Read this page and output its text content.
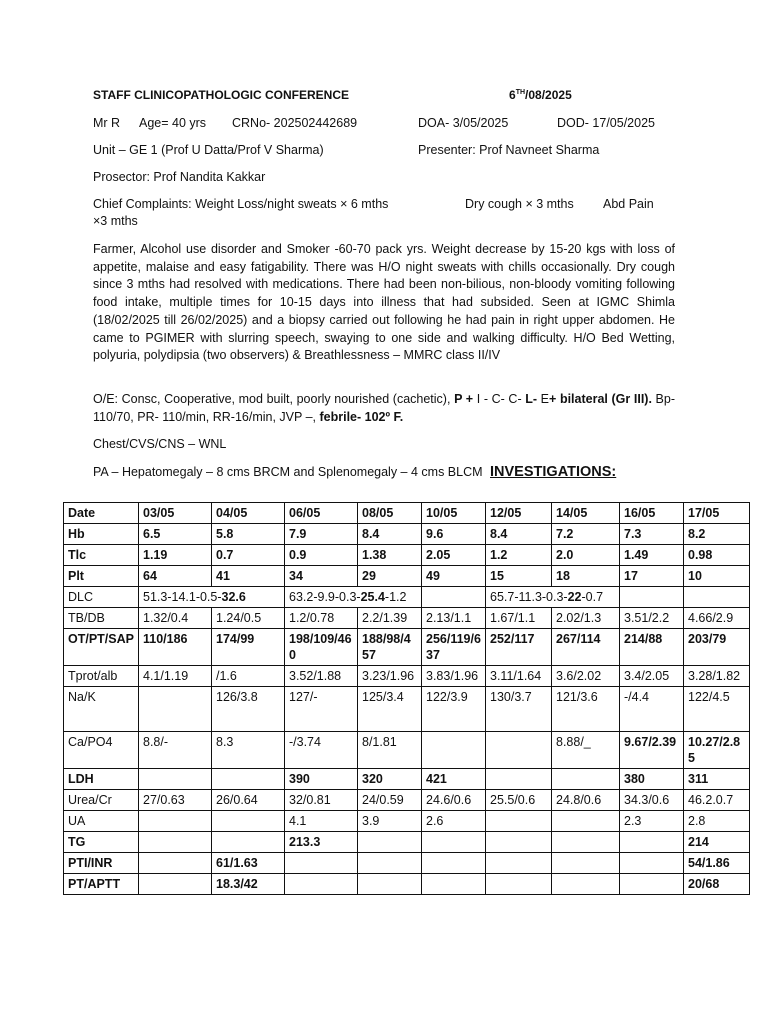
STAFF CLINICOPATHOLOGIC CONFERENCE	6TH/08/2025
Mr R Age= 40 yrs CRNo- 202502442689	DOA- 3/05/2025	DOD- 17/05/2025
Unit – GE 1 (Prof U Datta/Prof V Sharma)	Presenter: Prof Navneet Sharma
Prosector: Prof Nandita Kakkar
Chief Complaints: Weight Loss/night sweats × 6 mths	Dry cough × 3 mths Abd Pain
×3 mths
Farmer, Alcohol use disorder and Smoker -60-70 pack yrs. Weight decrease by 15-20 kgs with loss of appetite, malaise and easy fatigability. There was H/O night sweats with chills occasionally. Dry cough since 3 mths had resolved with medications. There had been non-bilious, non-bloody vomiting following food intake, multiple times for 10-15 days into illness that had subsided. Seen at IGMC Shimla (18/02/2025 till 26/02/2025) and a biopsy carried out following he had pain in right upper abdomen. He came to PGIMER with slurring speech, swaying to one side and walking difficulty. H/O Bed Wetting, polyuria, polydipsia (two observers) & Breathlessness – MMRC class II/IV
O/E: Consc, Cooperative, mod built, poorly nourished (cachetic), P + I - C- C- L- E+ bilateral (Gr III). Bp-110/70, PR- 110/min, RR-16/min, JVP –, febrile- 102º F.
Chest/CVS/CNS – WNL
PA – Hepatomegaly – 8 cms BRCM and Splenomegaly – 4 cms BLCM INVESTIGATIONS:
Date	03/05	04/05	06/05	08/05	10/05	12/05	14/05	16/05	17/05
Hb	6.5	5.8	7.9	8.4	9.6	8.4	7.2	7.3	8.2
Tlc	1.19	0.7	0.9	1.38	2.05	1.2	2.0	1.49	0.98
Plt	64	41	34	29	49	15	18	17	10
DLC	51.3-14.1-0.5-32.6		63.2-9.9-0.3-25.4-1.2			65.7-11.3-0.3-22-0.7			
TB/DB	1.32/0.4	1.24/0.5	1.2/0.78	2.2/1.39	2.13/1.1	1.67/1.1	2.02/1.3	3.51/2.2	4.66/2.9
OT/PT/SAP	110/186	174/99	198/109/460	188/98/457	256/119/637	252/117	267/114	214/88	203/79
Tprot/alb	4.1/1.19	/1.6	3.52/1.88	3.23/1.96	3.83/1.96	3.11/1.64	3.6/2.02	3.4/2.05	3.28/1.82
Na/K		126/3.8	127/-	125/3.4	122/3.9	130/3.7	121/3.6	-/4.4	122/4.5
Ca/PO4	8.8/-	8.3	-/3.74	8/1.81			8.88/_	9.67/2.39	10.27/2.85
LDH			390	320	421			380	311
Urea/Cr	27/0.63	26/0.64	32/0.81	24/0.59	24.6/0.6	25.5/0.6	24.8/0.6	34.3/0.6	46.2.0.7
UA			4.1	3.9	2.6			2.3	2.8
TG			213.3						214
PTI/INR		61/1.63							54/1.86
PT/APTT		18.3/42							20/68
